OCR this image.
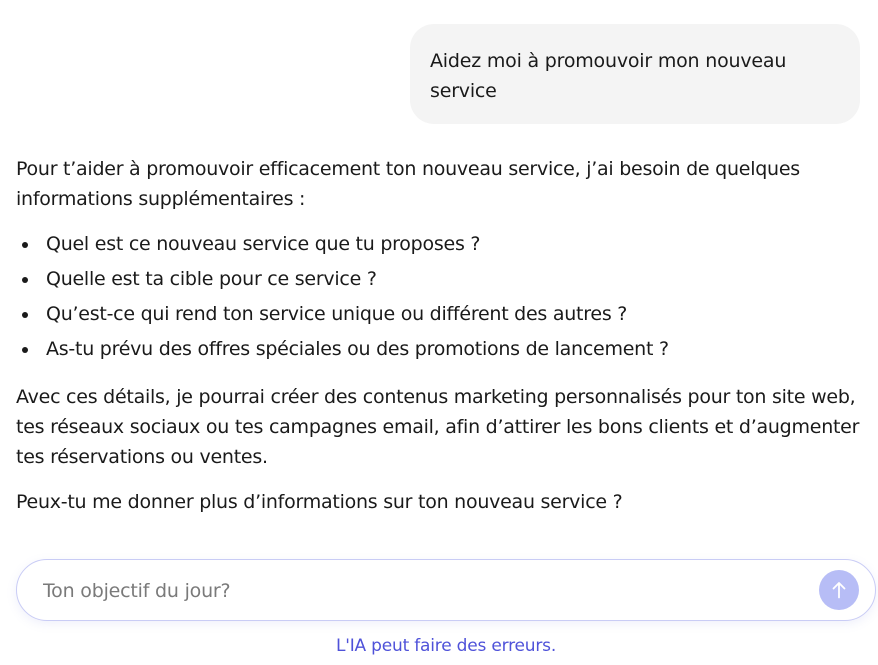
Aidez moi à promouvoir mon nouveau service

Pour t’aider à promouvoir efficacement ton nouveau service, j’ai besoin de quelques informations supplémentaires :

Quel est ce nouveau service que tu proposes ?
Quelle est ta cible pour ce service ?
Qu’est-ce qui rend ton service unique ou différent des autres ?
As-tu prévu des offres spéciales ou des promotions de lancement ?

Avec ces détails, je pourrai créer des contenus marketing personnalisés pour ton site web, tes réseaux sociaux ou tes campagnes email, afin d’attirer les bons clients et d’augmenter tes réservations ou ventes.

Peux-tu me donner plus d’informations sur ton nouveau service ?

Ton objectif du jour?
L'IA peut faire des erreurs.
